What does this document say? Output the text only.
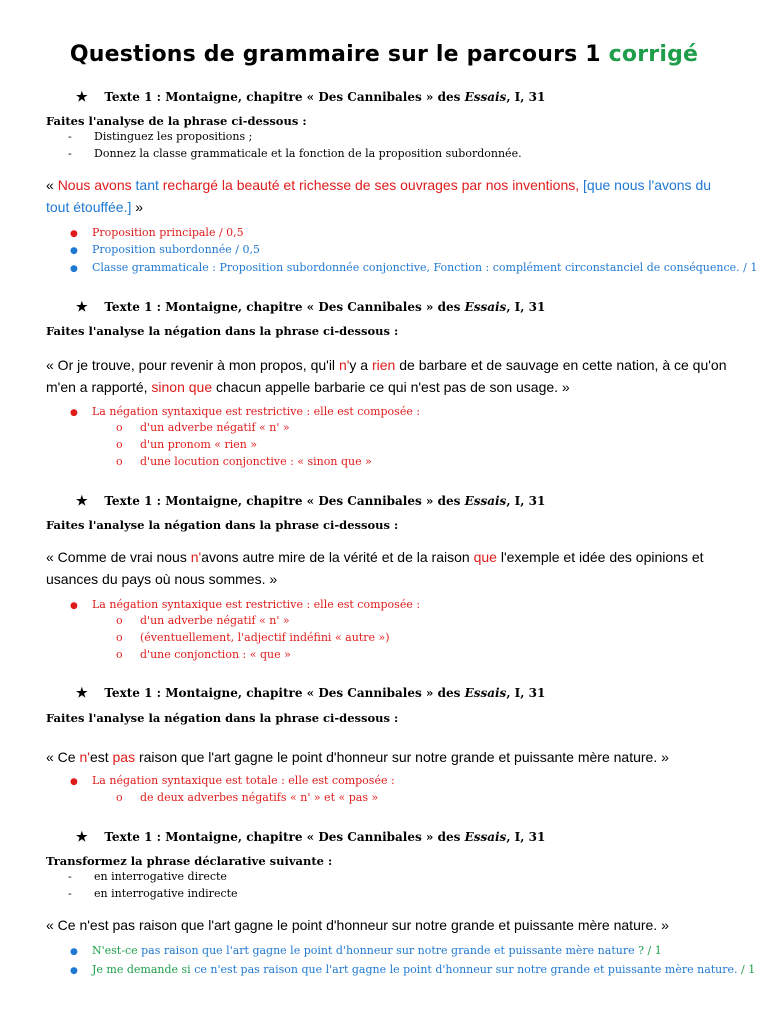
Questions de grammaire sur le parcours 1 corrigé
★ Texte 1 : Montaigne, chapitre « Des Cannibales » des Essais, I, 31
Faites l'analyse de la phrase ci-dessous :
- Distinguez les propositions ;
- Donnez la classe grammaticale et la fonction de la proposition subordonnée.
« Nous avons tant rechargé la beauté et richesse de ses ouvrages par nos inventions, [que nous l'avons du tout étouffée.] »
● Proposition principale / 0,5
● Proposition subordonnée / 0,5
● Classe grammaticale : Proposition subordonnée conjonctive, Fonction : complément circonstanciel de conséquence. / 1
★ Texte 1 : Montaigne, chapitre « Des Cannibales » des Essais, I, 31
Faites l'analyse la négation dans la phrase ci-dessous :
« Or je trouve, pour revenir à mon propos, qu'il n'y a rien de barbare et de sauvage en cette nation, à ce qu'on m'en a rapporté, sinon que chacun appelle barbarie ce qui n'est pas de son usage. »
● La négation syntaxique est restrictive : elle est composée :
o d'un adverbe négatif « n' »
o d'un pronom « rien »
o d'une locution conjonctive : « sinon que »
★ Texte 1 : Montaigne, chapitre « Des Cannibales » des Essais, I, 31
Faites l'analyse la négation dans la phrase ci-dessous :
« Comme de vrai nous n'avons autre mire de la vérité et de la raison que l'exemple et idée des opinions et usances du pays où nous sommes. »
● La négation syntaxique est restrictive : elle est composée :
o d'un adverbe négatif « n' »
o (éventuellement, l'adjectif indéfini « autre »)
o d'une conjonction : « que »
★ Texte 1 : Montaigne, chapitre « Des Cannibales » des Essais, I, 31
Faites l'analyse la négation dans la phrase ci-dessous :
« Ce n'est pas raison que l'art gagne le point d'honneur sur notre grande et puissante mère nature. »
● La négation syntaxique est totale : elle est composée :
o de deux adverbes négatifs « n' » et « pas »
★ Texte 1 : Montaigne, chapitre « Des Cannibales » des Essais, I, 31
Transformez la phrase déclarative suivante :
- en interrogative directe
- en interrogative indirecte
« Ce n'est pas raison que l'art gagne le point d'honneur sur notre grande et puissante mère nature. »
● N'est-ce pas raison que l'art gagne le point d'honneur sur notre grande et puissante mère nature ? / 1
● Je me demande si ce n'est pas raison que l'art gagne le point d'honneur sur notre grande et puissante mère nature. / 1
